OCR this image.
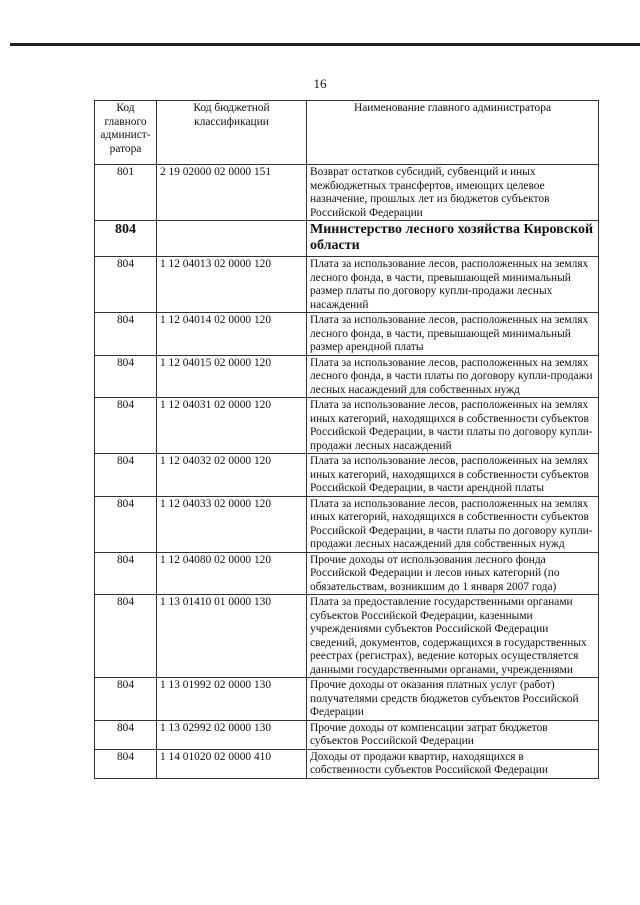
16
Код главного админист-ратора	Код бюджетной классификации	Наименование главного администратора
801	2 19 02000 02 0000 151	Возврат остатков субсидий, субвенций и иных межбюджетных трансфертов, имеющих целевое назначение, прошлых лет из бюджетов субъектов Российской Федерации
804		Министерство лесного хозяйства Кировской области
804	1 12 04013 02 0000 120	Плата за использование лесов, расположенных на землях лесного фонда, в части, превышающей минимальный размер платы по договору купли-продажи лесных насаждений
804	1 12 04014 02 0000 120	Плата за использование лесов, расположенных на землях лесного фонда, в части, превышающей минимальный размер арендной платы
804	1 12 04015 02 0000 120	Плата за использование лесов, расположенных на землях лесного фонда, в части платы по договору купли-продажи лесных насаждений для собственных нужд
804	1 12 04031 02 0000 120	Плата за использование лесов, расположенных на землях иных категорий, находящихся в собственности субъектов Российской Федерации, в части платы по договору купли-продажи лесных насаждений
804	1 12 04032 02 0000 120	Плата за использование лесов, расположенных на землях иных категорий, находящихся в собственности субъектов Российской Федерации, в части арендной платы
804	1 12 04033 02 0000 120	Плата за использование лесов, расположенных на землях иных категорий, находящихся в собственности субъектов Российской Федерации, в части платы по договору купли-продажи лесных насаждений для собственных нужд
804	1 12 04080 02 0000 120	Прочие доходы от использования лесного фонда Российской Федерации и лесов иных категорий (по обязательствам, возникшим до 1 января 2007 года)
804	1 13 01410 01 0000 130	Плата за предоставление государственными органами субъектов Российской Федерации, казенными учреждениями субъектов Российской Федерации сведений, документов, содержащихся в государственных реестрах (регистрах), ведение которых осуществляется данными государственными органами, учреждениями
804	1 13 01992 02 0000 130	Прочие доходы от оказания платных услуг (работ) получателями средств бюджетов субъектов Российской Федерации
804	1 13 02992 02 0000 130	Прочие доходы от компенсации затрат бюджетов субъектов Российской Федерации
804	1 14 01020 02 0000 410	Доходы от продажи квартир, находящихся в собственности субъектов Российской Федерации
